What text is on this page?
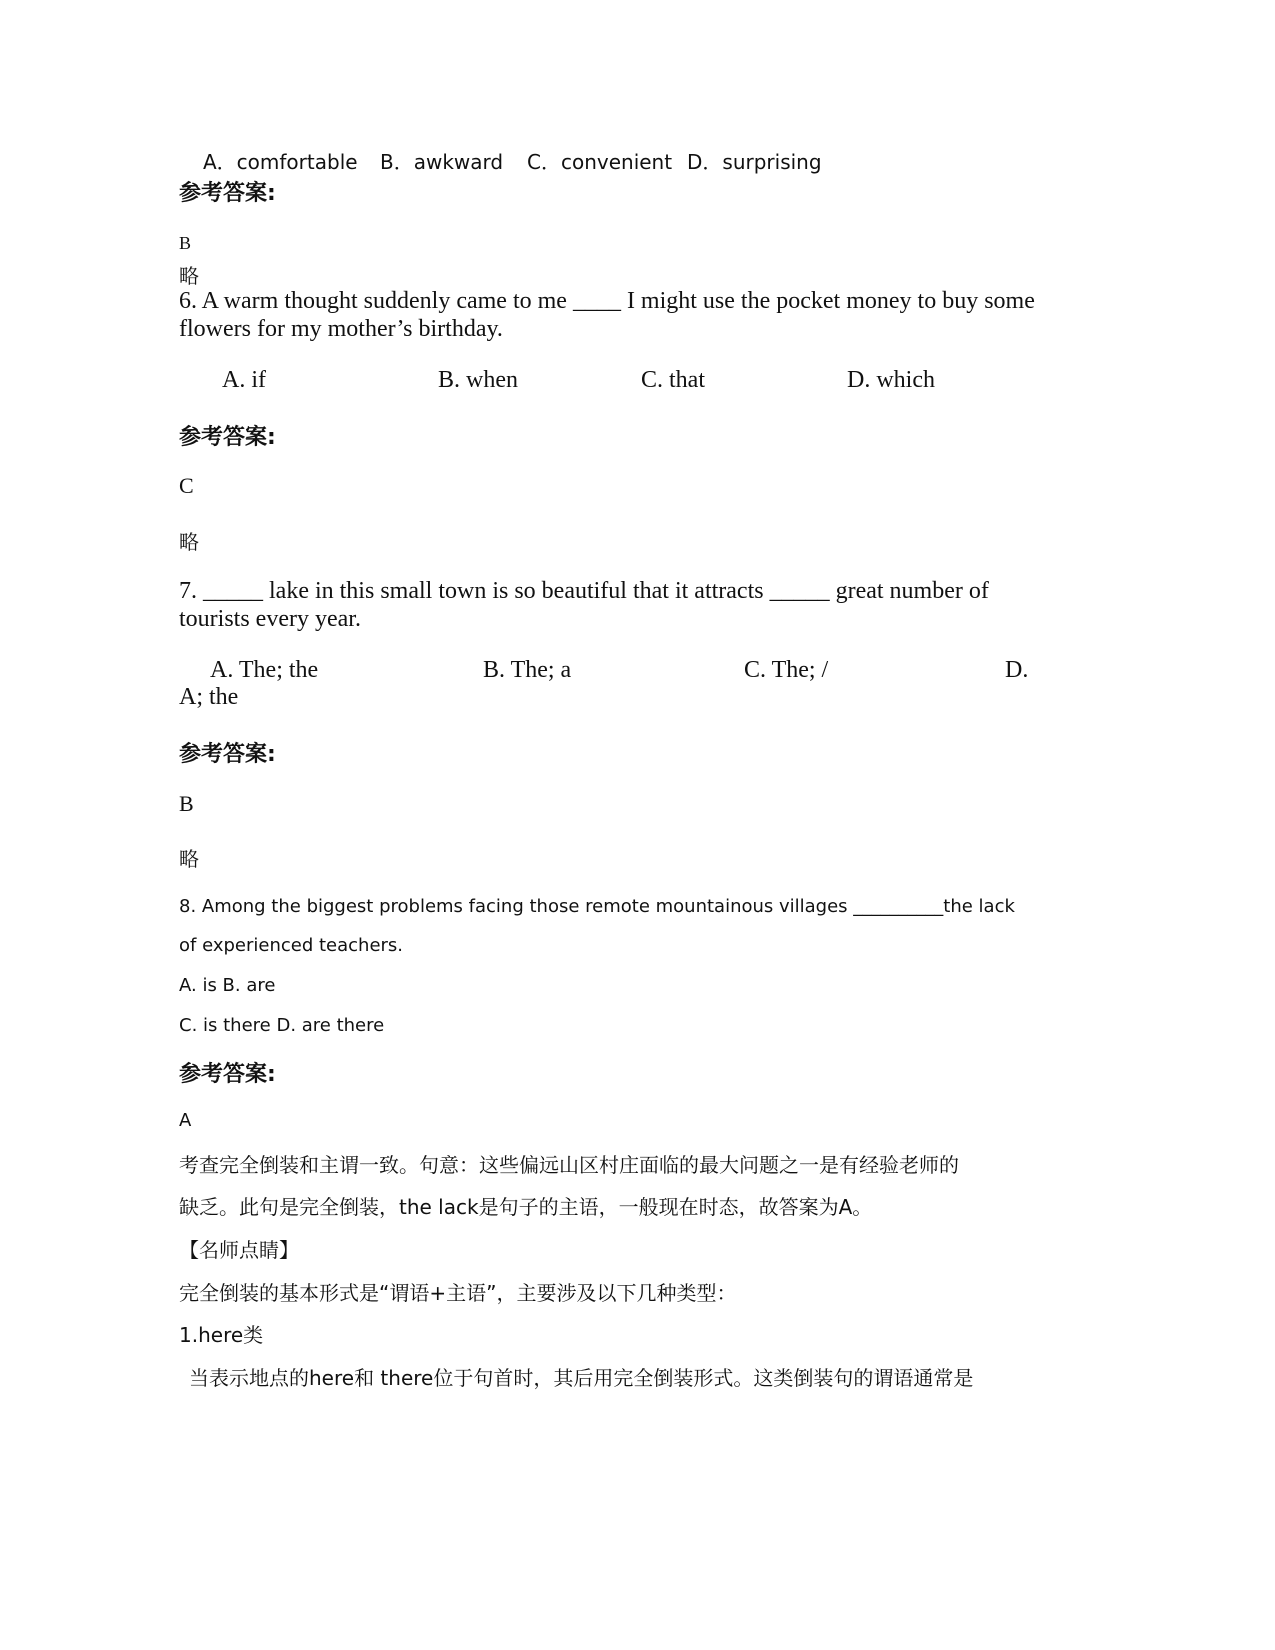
A．comfortable B．awkward C．convenient D．surprising
参考答案:
B
略
6. A warm thought suddenly came to me ____ I might use the pocket money to buy some
flowers for my mother’s birthday.
A. if	B. when	C. that	D. which
参考答案:
C
略
7. _____ lake in this small town is so beautiful that it attracts _____ great number of
tourists every year.
A. The; the	B. The; a	C. The; /	D.
A; the
参考答案:
B
略
8. Among the biggest problems facing those remote mountainous villages __________the lack
of experienced teachers.
A. is B. are
C. is there D. are there
参考答案:
A
考查完全倒装和主谓一致。句意：这些偏远山区村庄面临的最大问题之一是有经验老师的
缺乏。此句是完全倒装，the lack是句子的主语，一般现在时态，故答案为A。
【名师点睛】
完全倒装的基本形式是“谓语+主语”，主要涉及以下几种类型：
1.here类
当表示地点的here和 there位于句首时，其后用完全倒装形式。这类倒装句的谓语通常是
